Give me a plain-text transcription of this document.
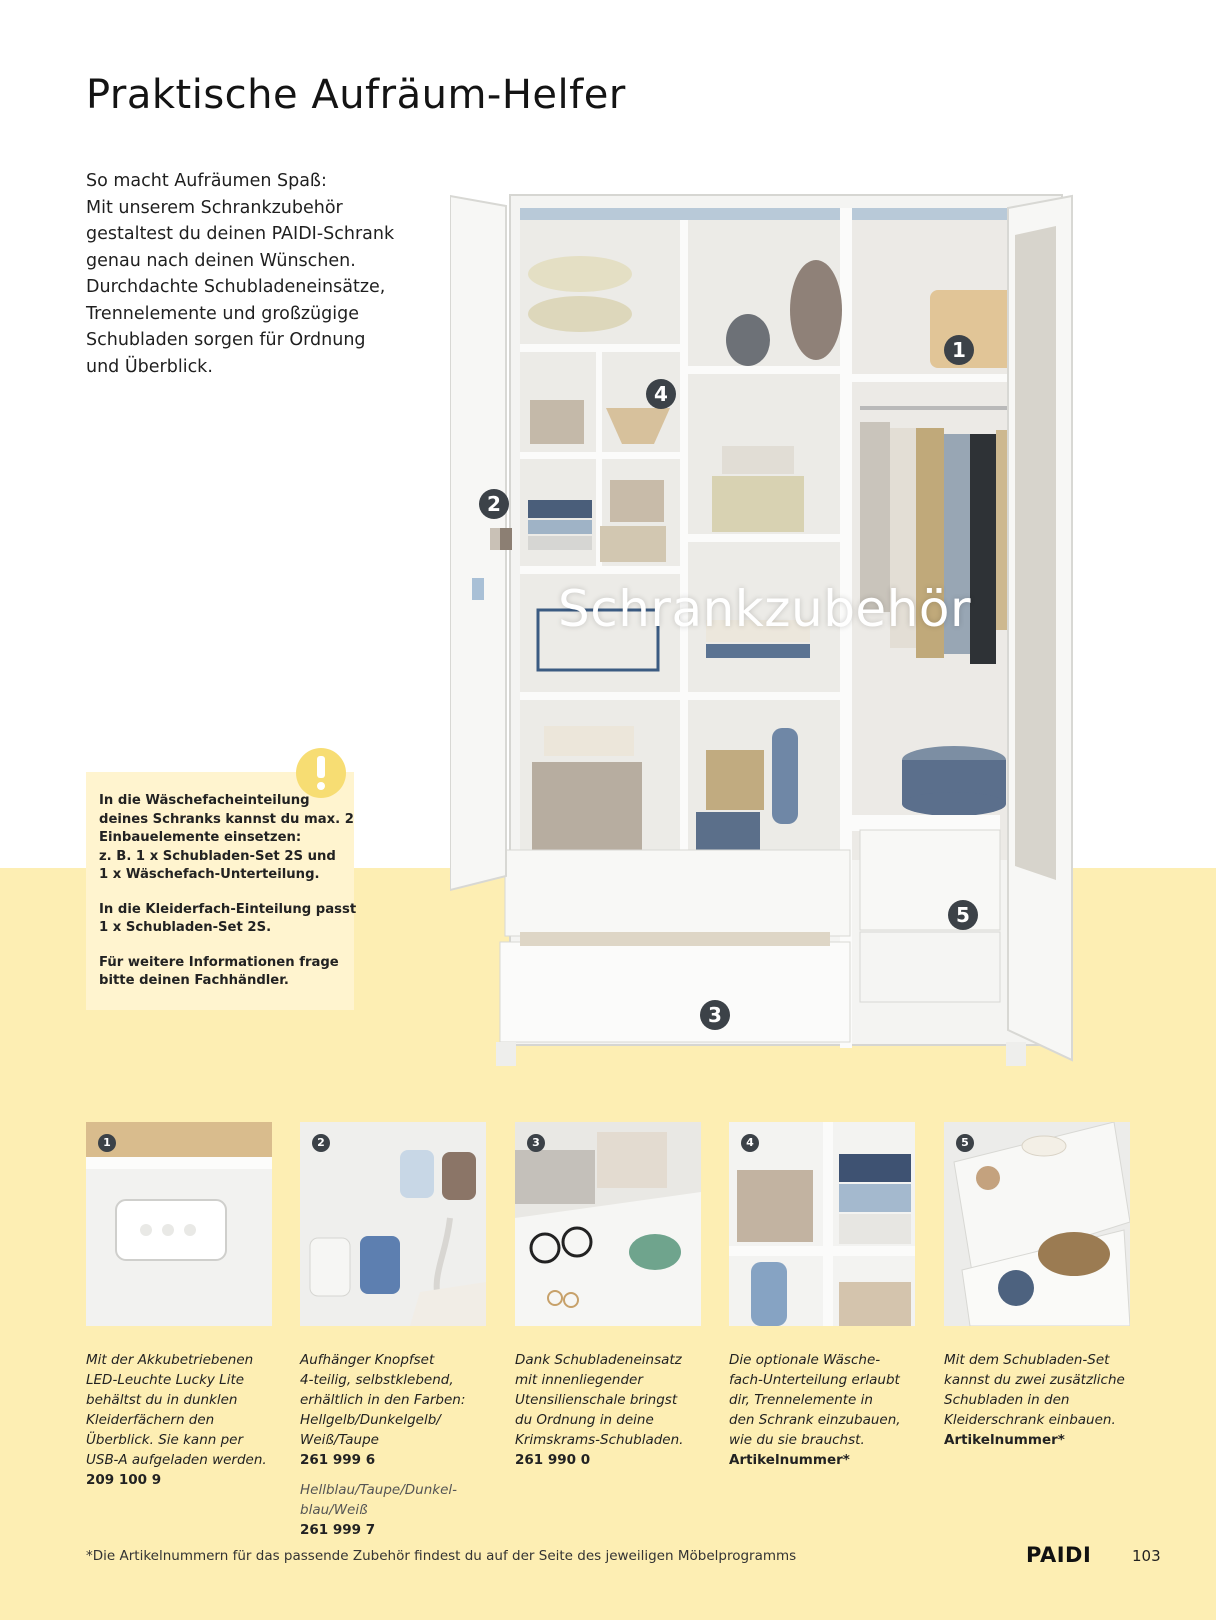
Praktische Aufräum-Helfer
So macht Aufräumen Spaß:
Mit unserem Schrankzubehör
gestaltest du deinen PAIDI-Schrank
genau nach deinen Wünschen.
Durchdachte Schubladeneinsätze,
Trennelemente und großzügige
Schubladen sorgen für Ordnung
und Überblick.

In die Wäschefacheinteilung
deines Schranks kannst du max. 2
Einbauelemente einsetzen:
z. B. 1 x Schubladen-Set 2S und
1 x Wäschefach-Unterteilung.

In die Kleiderfach-Einteilung passt
1 x Schubladen-Set 2S.

Für weitere Informationen frage
bitte deinen Fachhändler.

Schrankzubehör
1
2
3
4
5
1	2	3	4	5
Mit der Akkubetriebenen
LED-Leuchte Lucky Lite
behältst du in dunklen
Kleiderfächern den
Überblick. Sie kann per
USB-A aufgeladen werden.
209 100 9
Aufhänger Knopfset
4-teilig, selbstklebend,
erhältlich in den Farben:
Hellgelb/Dunkelgelb/
Weiß/Taupe
261 999 6
Hellblau/Taupe/Dunkel-
blau/Weiß
261 999 7
Dank Schubladeneinsatz
mit innenliegender
Utensilienschale bringst
du Ordnung in deine
Krimskrams-Schubladen.
261 990 0
Die optionale Wäsche-
fach-Unterteilung erlaubt
dir, Trennelemente in
den Schrank einzubauen,
wie du sie brauchst.
Artikelnummer*
Mit dem Schubladen-Set
kannst du zwei zusätzliche
Schubladen in den
Kleiderschrank einbauen.
Artikelnummer*
*Die Artikelnummern für das passende Zubehör findest du auf der Seite des jeweiligen Möbelprogramms	PAIDI	103
